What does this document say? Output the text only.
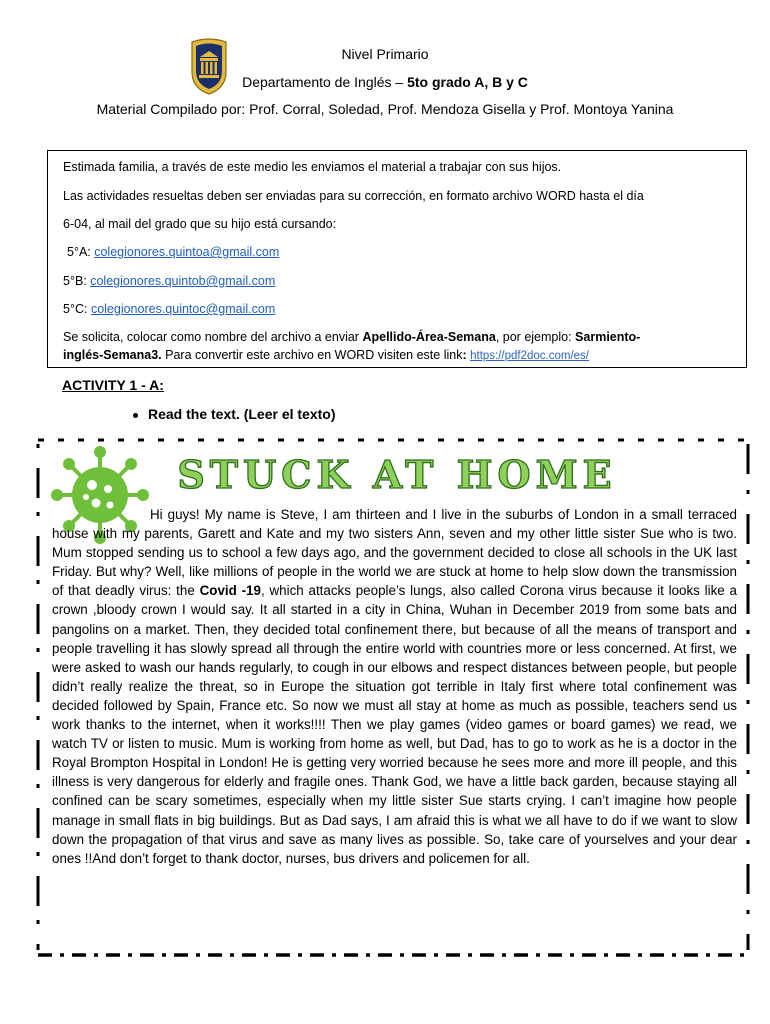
Nivel Primario
Departamento de Inglés – 5to grado A, B y C
Material Compilado por: Prof. Corral, Soledad, Prof. Mendoza Gisella y Prof. Montoya Yanina

Estimada familia, a través de este medio les enviamos el material a trabajar con sus hijos.

Las actividades resueltas deben ser enviadas para su corrección, en formato archivo WORD hasta el día

6-04, al mail del grado que su hijo está cursando:

5°A: colegionores.quintoa@gmail.com

5°B: colegionores.quintob@gmail.com

5°C: colegionores.quintoc@gmail.com

Se solicita, colocar como nombre del archivo a enviar Apellido-Área-Semana, por ejemplo: Sarmiento-

inglés-Semana3. Para convertir este archivo en WORD visiten este link: https://pdf2doc.com/es/

ACTIVITY 1 - A:
Read the text. (Leer el texto)
STUCK AT HOME
Hi guys! My name is Steve, I am thirteen and I live in the suburbs of London in a small terraced house with my parents, Garett and Kate and my two sisters Ann, seven and my other little sister Sue who is two. Mum stopped sending us to school a few days ago, and the government decided to close all schools in the UK last Friday. But why? Well, like millions of people in the world we are stuck at home to help slow down the transmission of that deadly virus: the Covid -19, which attacks people’s lungs, also called Corona virus because it looks like a crown ,bloody crown I would say. It all started in a city in China, Wuhan in December 2019 from some bats and pangolins on a market. Then, they decided total confinement there, but because of all the means of transport and people travelling it has slowly spread all through the entire world with countries more or less concerned. At first, we were asked to wash our hands regularly, to cough in our elbows and respect distances between people, but people didn’t really realize the threat, so in Europe the situation got terrible in Italy first where total confinement was decided followed by Spain, France etc. So now we must all stay at home as much as possible, teachers send us work thanks to the internet, when it works!!!! Then we play games (video games or board games) we read, we watch TV or listen to music. Mum is working from home as well, but Dad, has to go to work as he is a doctor in the Royal Brompton Hospital in London! He is getting very worried because he sees more and more ill people, and this illness is very dangerous for elderly and fragile ones. Thank God, we have a little back garden, because staying all confined can be scary sometimes, especially when my little sister Sue starts crying. I can’t imagine how people manage in small flats in big buildings. But as Dad says, I am afraid this is what we all have to do if we want to slow down the propagation of that virus and save as many lives as possible. So, take care of yourselves and your dear ones !!And don’t forget to thank doctor, nurses, bus drivers and policemen for all.
